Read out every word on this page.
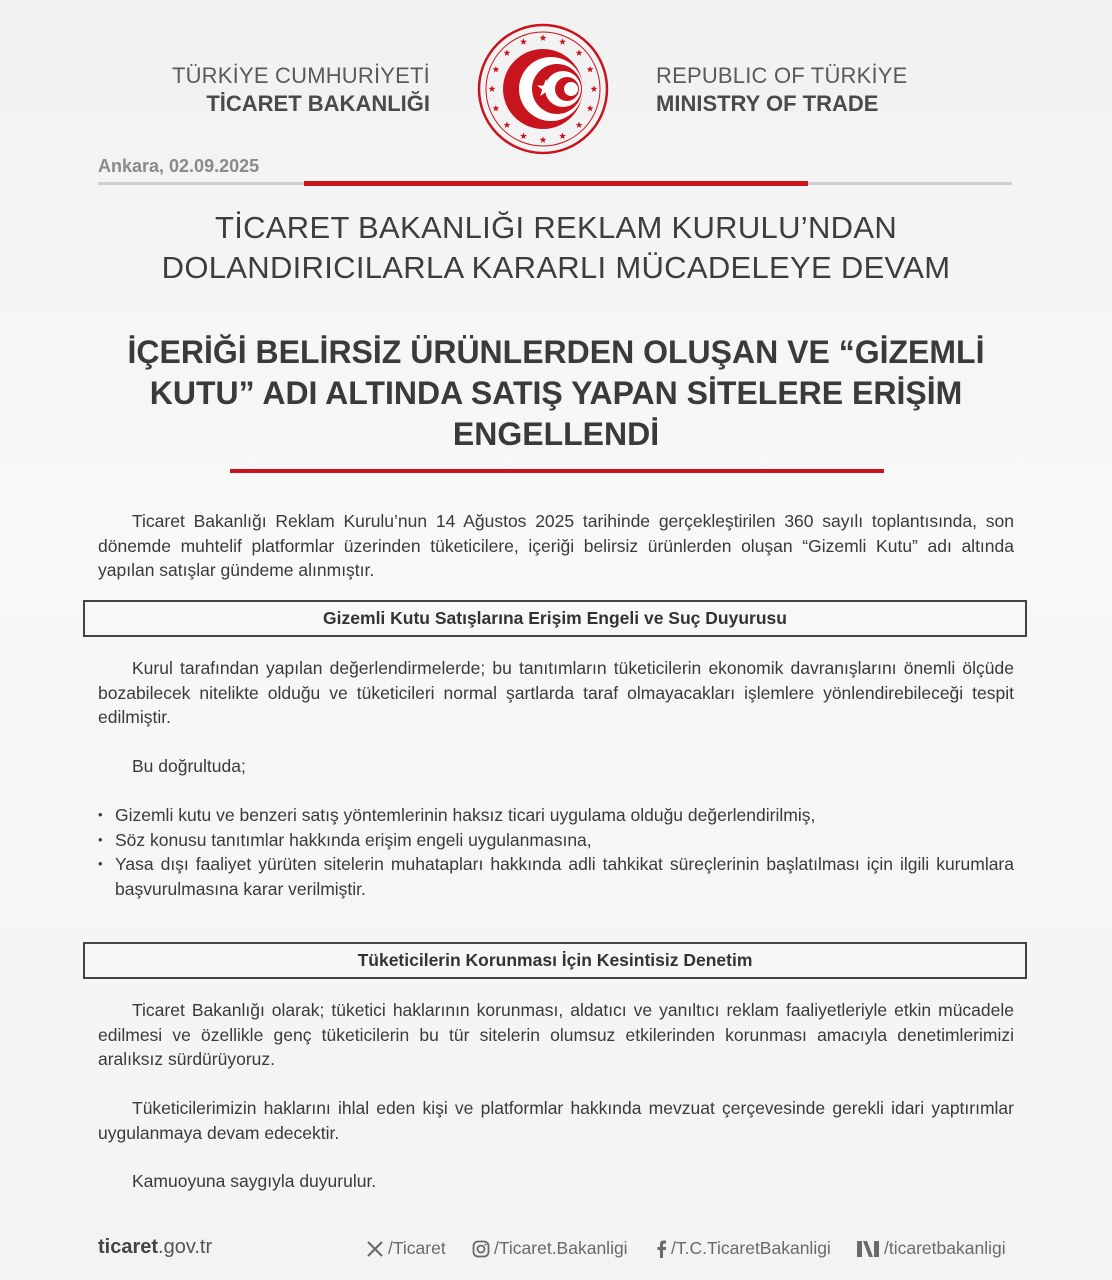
TÜRKİYE CUMHURİYETİ
TİCARET BAKANLIĞI
REPUBLIC OF TÜRKİYE
MINISTRY OF TRADE
Ankara, 02.09.2025
TİCARET BAKANLIĞI REKLAM KURULU’NDAN
DOLANDIRICILARLA KARARLI MÜCADELEYE DEVAM
İÇERİĞİ BELİRSİZ ÜRÜNLERDEN OLUŞAN VE “GİZEMLİ
KUTU” ADI ALTINDA SATIŞ YAPAN SİTELERE ERİŞİM
ENGELLENDİ
Ticaret Bakanlığı Reklam Kurulu’nun 14 Ağustos 2025 tarihinde gerçekleştirilen 360 sayılı toplantısında, son dönemde muhtelif platformlar üzerinden tüketicilere, içeriği belirsiz ürünlerden oluşan “Gizemli Kutu” adı altında yapılan satışlar gündeme alınmıştır.
Gizemli Kutu Satışlarına Erişim Engeli ve Suç Duyurusu
Kurul tarafından yapılan değerlendirmelerde; bu tanıtımların tüketicilerin ekonomik davranışlarını önemli ölçüde bozabilecek nitelikte olduğu ve tüketicileri normal şartlarda taraf olmayacakları işlemlere yönlendirebileceği tespit edilmiştir.
Bu doğrultuda;
• Gizemli kutu ve benzeri satış yöntemlerinin haksız ticari uygulama olduğu değerlendirilmiş,
• Söz konusu tanıtımlar hakkında erişim engeli uygulanmasına,
• Yasa dışı faaliyet yürüten sitelerin muhatapları hakkında adli tahkikat süreçlerinin başlatılması için ilgili kurumlara başvurulmasına karar verilmiştir.
Tüketicilerin Korunması İçin Kesintisiz Denetim
Ticaret Bakanlığı olarak; tüketici haklarının korunması, aldatıcı ve yanıltıcı reklam faaliyetleriyle etkin mücadele edilmesi ve özellikle genç tüketicilerin bu tür sitelerin olumsuz etkilerinden korunması amacıyla denetimlerimizi aralıksız sürdürüyoruz.
Tüketicilerimizin haklarını ihlal eden kişi ve platformlar hakkında mevzuat çerçevesinde gerekli idari yaptırımlar uygulanmaya devam edecektir.
Kamuoyuna saygıyla duyurulur.
ticaret.gov.tr	/Ticaret	/Ticaret.Bakanligi /T.C.TicaretBakanligi	/ticaretbakanligi
